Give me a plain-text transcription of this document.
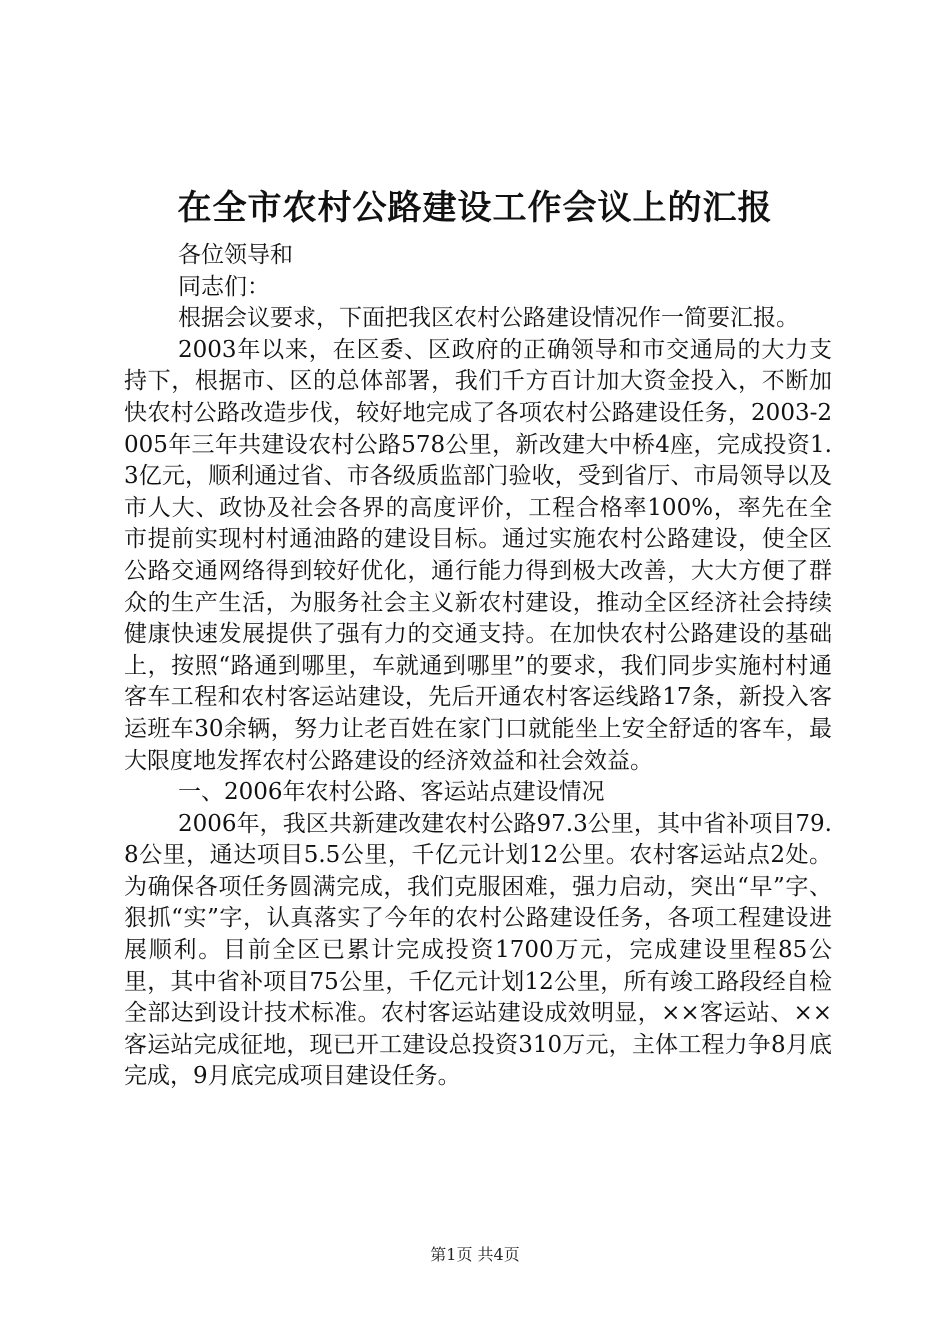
在全市农村公路建设工作会议上的汇报

各位领导和

同志们：

根据会议要求，下面把我区农村公路建设情况作一简要汇报。

2003年以来，在区委、区政府的正确领导和市交通局的大力支持下，根据市、区的总体部署，我们千方百计加大资金投入，不断加快农村公路改造步伐，较好地完成了各项农村公路建设任务，2003-2005年三年共建设农村公路578公里，新改建大中桥4座，完成投资1.3亿元，顺利通过省、市各级质监部门验收，受到省厅、市局领导以及市人大、政协及社会各界的高度评价，工程合格率100%，率先在全市提前实现村村通油路的建设目标。通过实施农村公路建设，使全区公路交通网络得到较好优化，通行能力得到极大改善，大大方便了群众的生产生活，为服务社会主义新农村建设，推动全区经济社会持续健康快速发展提供了强有力的交通支持。在加快农村公路建设的基础上，按照“路通到哪里，车就通到哪里”的要求，我们同步实施村村通客车工程和农村客运站建设，先后开通农村客运线路17条，新投入客运班车30余辆，努力让老百姓在家门口就能坐上安全舒适的客车，最大限度地发挥农村公路建设的经济效益和社会效益。

一、2006年农村公路、客运站点建设情况

2006年，我区共新建改建农村公路97.3公里，其中省补项目79.8公里，通达项目5.5公里，千亿元计划12公里。农村客运站点2处。为确保各项任务圆满完成，我们克服困难，强力启动，突出“早”字、狠抓“实”字，认真落实了今年的农村公路建设任务，各项工程建设进展顺利。目前全区已累计完成投资1700万元，完成建设里程85公里，其中省补项目75公里，千亿元计划12公里，所有竣工路段经自检全部达到设计技术标准。农村客运站建设成效明显，××客运站、××客运站完成征地，现已开工建设总投资310万元，主体工程力争8月底完成，9月底完成项目建设任务。

第1页 共4页
